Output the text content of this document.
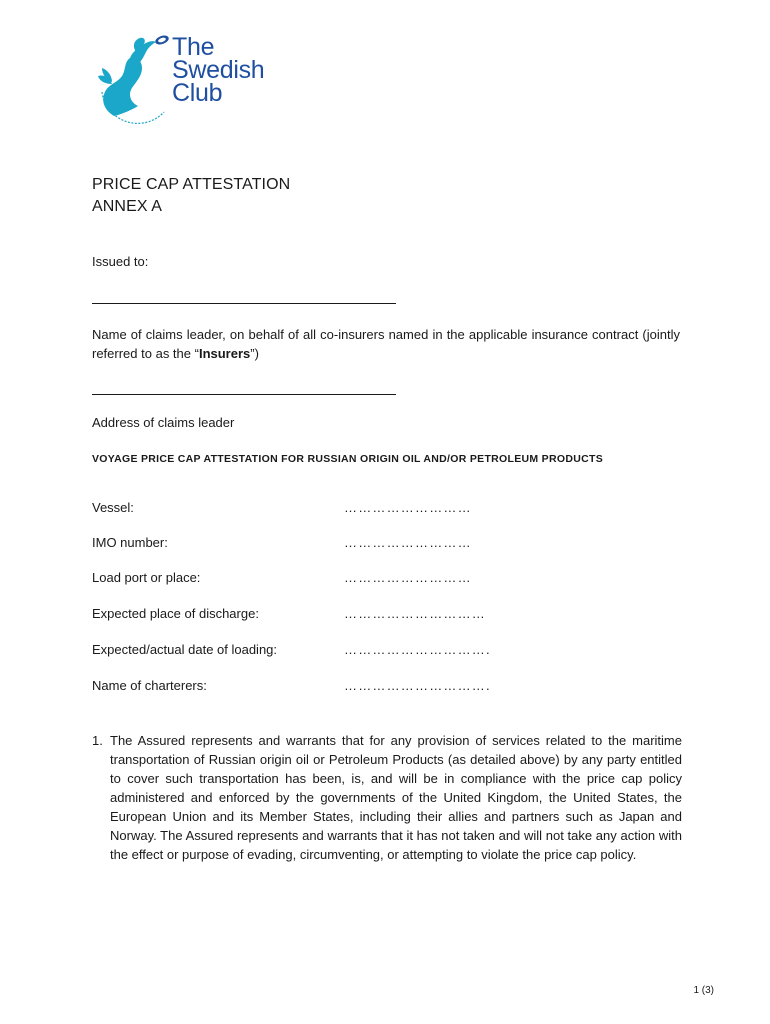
The
Swedish
Club
PRICE CAP ATTESTATION
ANNEX A
Issued to:
Name of claims leader, on behalf of all co-insurers named in the applicable insurance contract (jointly referred to as the “Insurers”)
Address of claims leader
VOYAGE PRICE CAP ATTESTATION FOR RUSSIAN ORIGIN OIL AND/OR PETROLEUM PRODUCTS
Vessel:	………………………
IMO number:	………………………
Load port or place:	………………………
Expected place of discharge:	…………………………
Expected/actual date of loading:	………………………….
Name of charterers:	………………………….
1. The Assured represents and warrants that for any provision of services related to the maritime transportation of Russian origin oil or Petroleum Products (as detailed above) by any party entitled to cover such transportation has been, is, and will be in compliance with the price cap policy administered and enforced by the governments of the United Kingdom, the United States, the European Union and its Member States, including their allies and partners such as Japan and Norway. The Assured represents and warrants that it has not taken and will not take any action with the effect or purpose of evading, circumventing, or attempting to violate the price cap policy.
1 (3)
